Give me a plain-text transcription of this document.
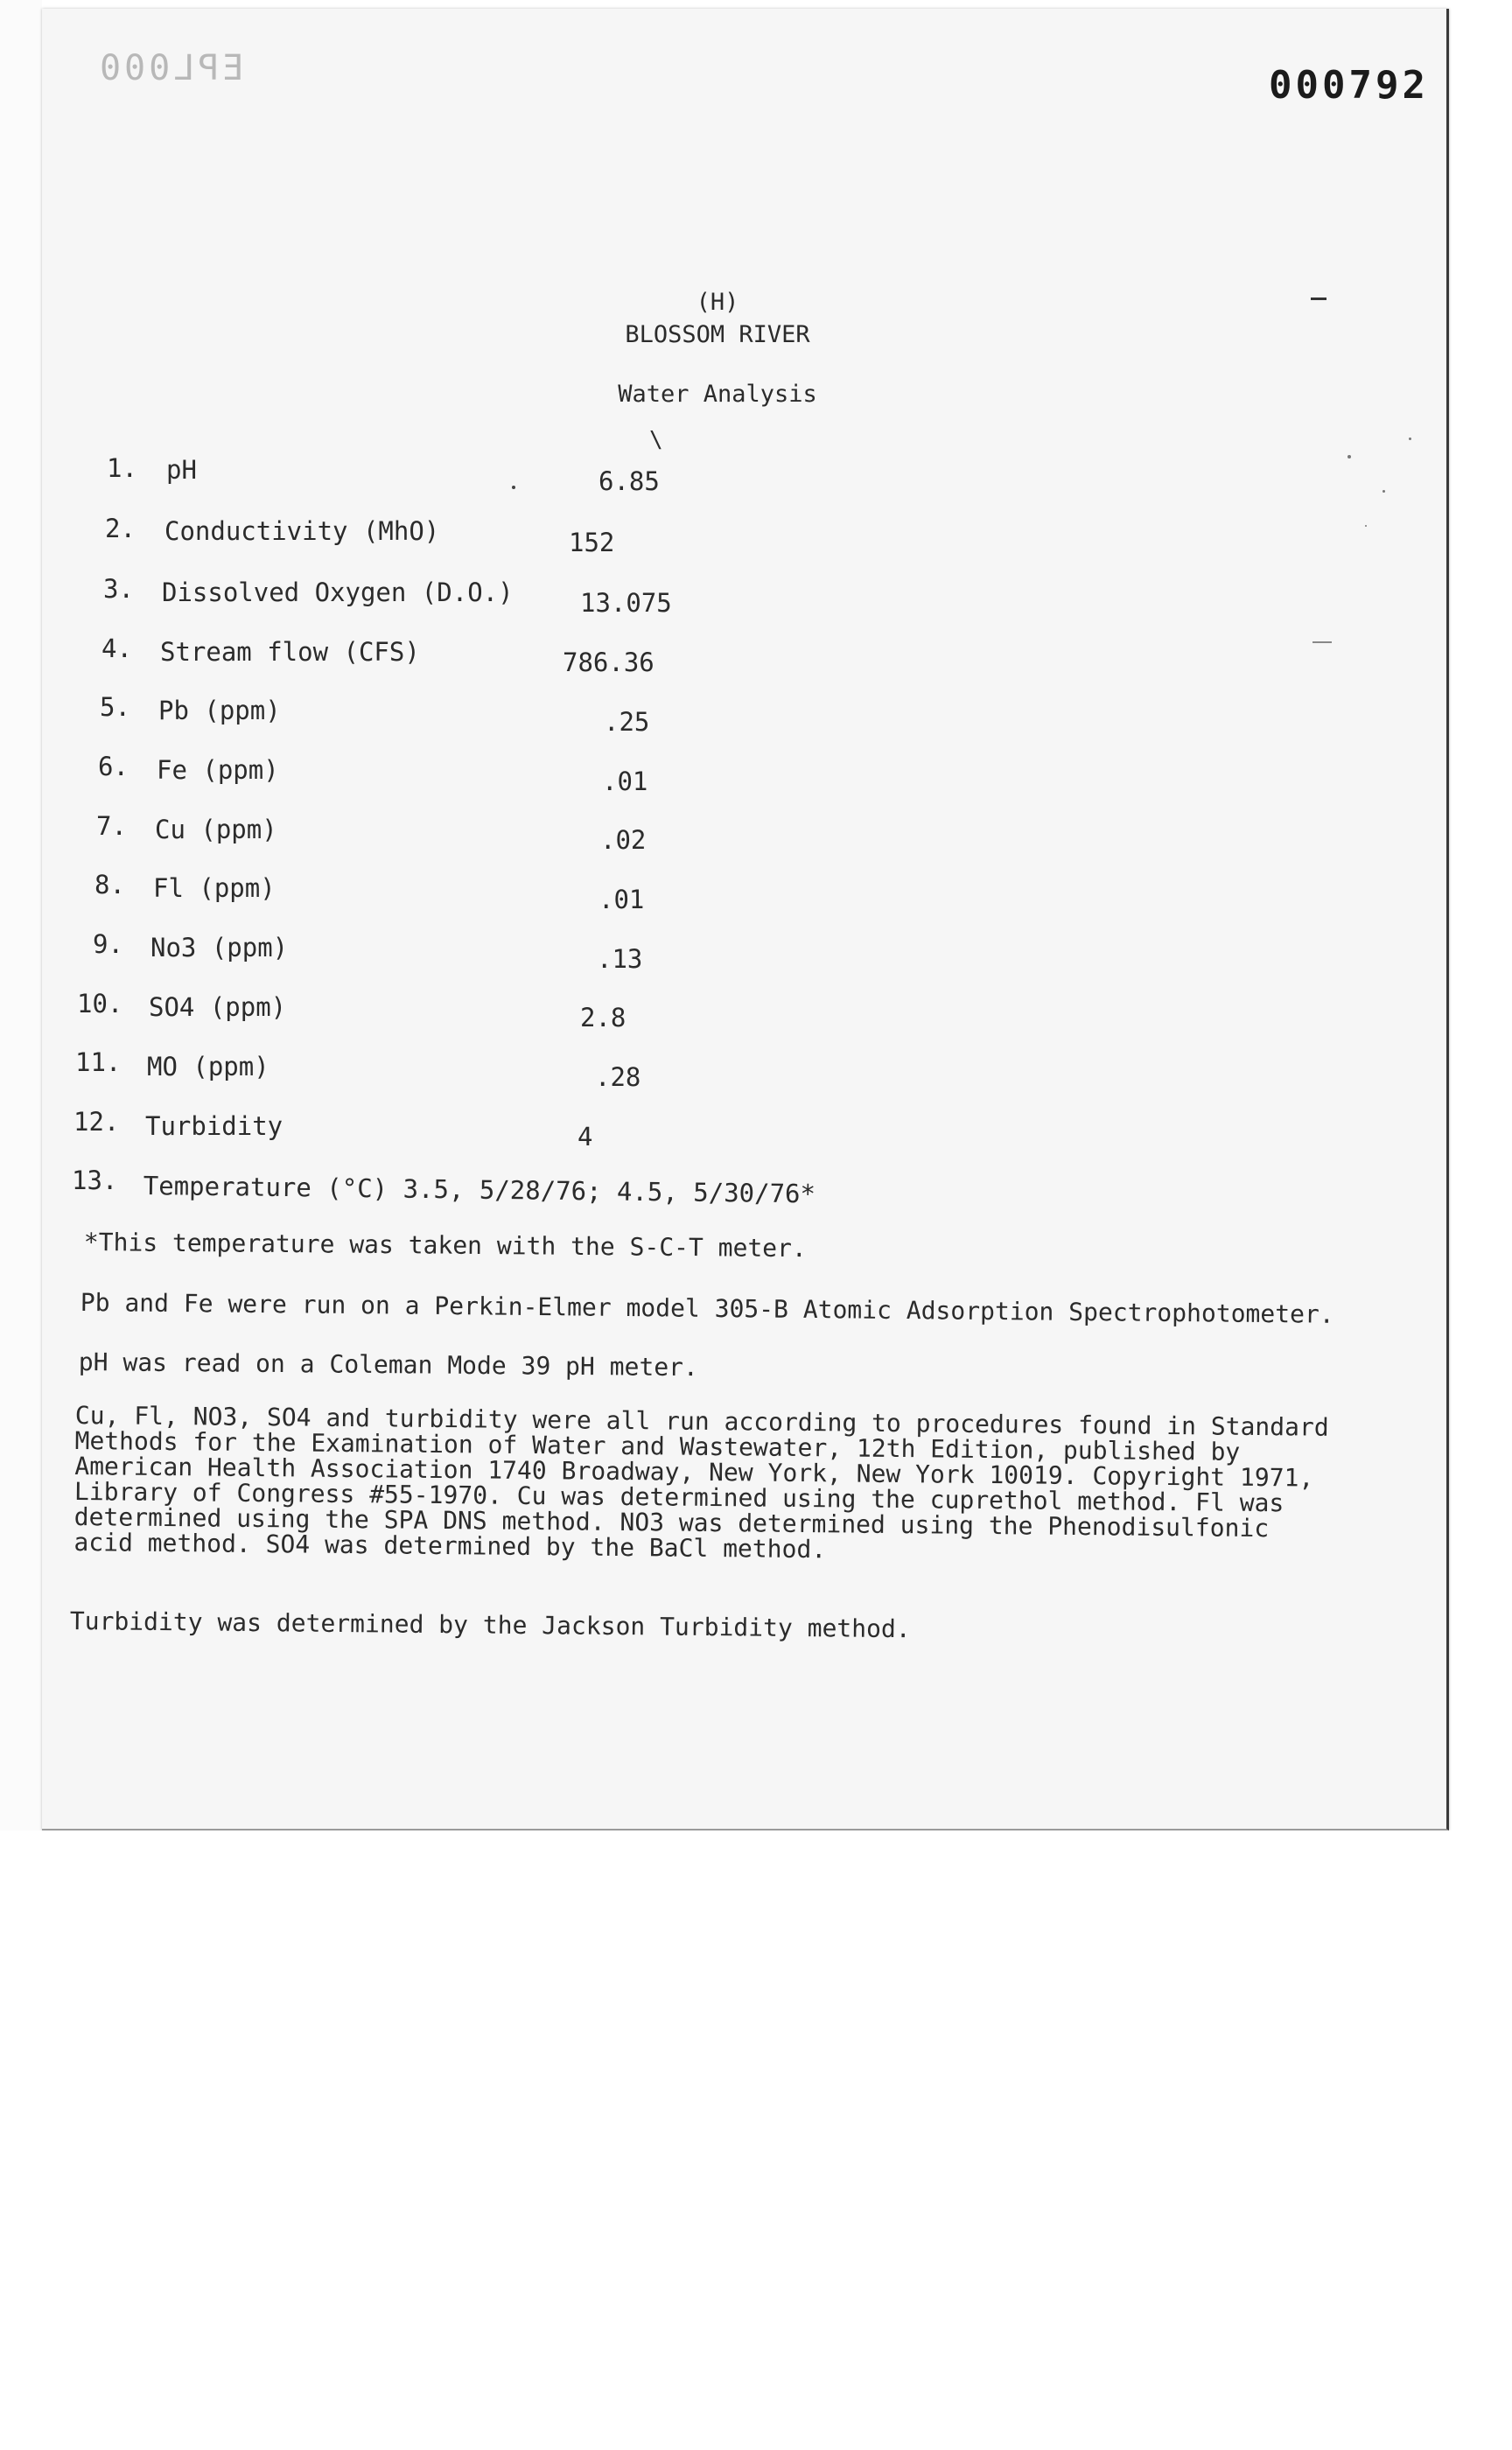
EPL000	000792
(H)
BLOSSOM RIVER
Water Analysis
\
1. pH	6.85
2. Conductivity (MhO)	152
3. Dissolved Oxygen (D.O.)	13.075
4. Stream flow (CFS)	786.36
5. Pb (ppm)	.25
6. Fe (ppm)	.01
7. Cu (ppm)	.02
8. Fl (ppm)	.01
9. No3 (ppm)	.13
10. SO4 (ppm)	2.8
11. MO (ppm)	.28
12. Turbidity	4
13. Temperature (°C) 3.5, 5/28/76; 4.5, 5/30/76*
*This temperature was taken with the S-C-T meter.
Pb and Fe were run on a Perkin-Elmer model 305-B Atomic Adsorption Spectrophotometer.
pH was read on a Coleman Mode 39 pH meter.
Cu, Fl, NO3, SO4 and turbidity were all run according to procedures found in Standard
Methods for the Examination of Water and Wastewater, 12th Edition, published by
American Health Association 1740 Broadway, New York, New York 10019. Copyright 1971,
Library of Congress #55-1970. Cu was determined using the cuprethol method. Fl was
determined using the SPA DNS method. NO3 was determined using the Phenodisulfonic
acid method. SO4 was determined by the BaCl method.
Turbidity was determined by the Jackson Turbidity method.
